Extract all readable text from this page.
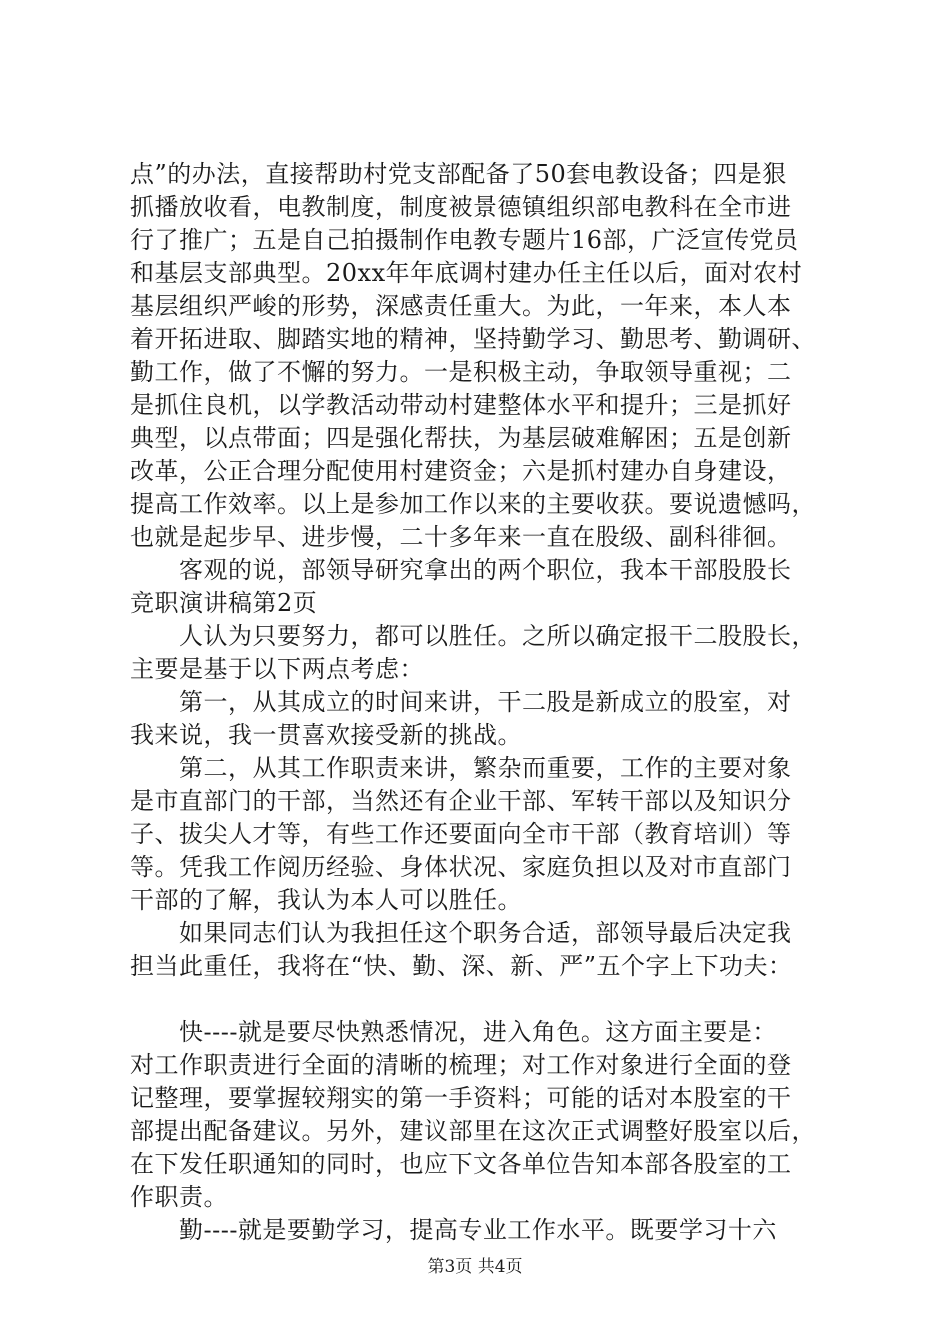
点”的办法，直接帮助村党支部配备了50套电教设备；四是狠
抓播放收看，电教制度，制度被景德镇组织部电教科在全市进
行了推广；五是自己拍摄制作电教专题片16部，广泛宣传党员
和基层支部典型。20xx年年底调村建办任主任以后，面对农村
基层组织严峻的形势，深感责任重大。为此，一年来，本人本
着开拓进取、脚踏实地的精神，坚持勤学习、勤思考、勤调研、
勤工作，做了不懈的努力。一是积极主动，争取领导重视；二
是抓住良机，以学教活动带动村建整体水平和提升；三是抓好
典型，以点带面；四是强化帮扶，为基层破难解困；五是创新
改革，公正合理分配使用村建资金；六是抓村建办自身建设，
提高工作效率。以上是参加工作以来的主要收获。要说遗憾吗，
也就是起步早、进步慢，二十多年来一直在股级、副科徘徊。
　　客观的说，部领导研究拿出的两个职位，我本干部股股长
竞职演讲稿第2页
　　人认为只要努力，都可以胜任。之所以确定报干二股股长，
主要是基于以下两点考虑：
　　第一，从其成立的时间来讲，干二股是新成立的股室，对
我来说，我一贯喜欢接受新的挑战。
　　第二，从其工作职责来讲，繁杂而重要，工作的主要对象
是市直部门的干部，当然还有企业干部、军转干部以及知识分
子、拔尖人才等，有些工作还要面向全市干部（教育培训）等
等。凭我工作阅历经验、身体状况、家庭负担以及对市直部门
干部的了解，我认为本人可以胜任。
　　如果同志们认为我担任这个职务合适，部领导最后决定我
担当此重任，我将在“快、勤、深、新、严”五个字上下功夫：
　　快----就是要尽快熟悉情况，进入角色。这方面主要是：
对工作职责进行全面的清晰的梳理；对工作对象进行全面的登
记整理，要掌握较翔实的第一手资料；可能的话对本股室的干
部提出配备建议。另外，建议部里在这次正式调整好股室以后，
在下发任职通知的同时，也应下文各单位告知本部各股室的工
作职责。
　　勤----就是要勤学习，提高专业工作水平。既要学习十六
第3页 共4页
